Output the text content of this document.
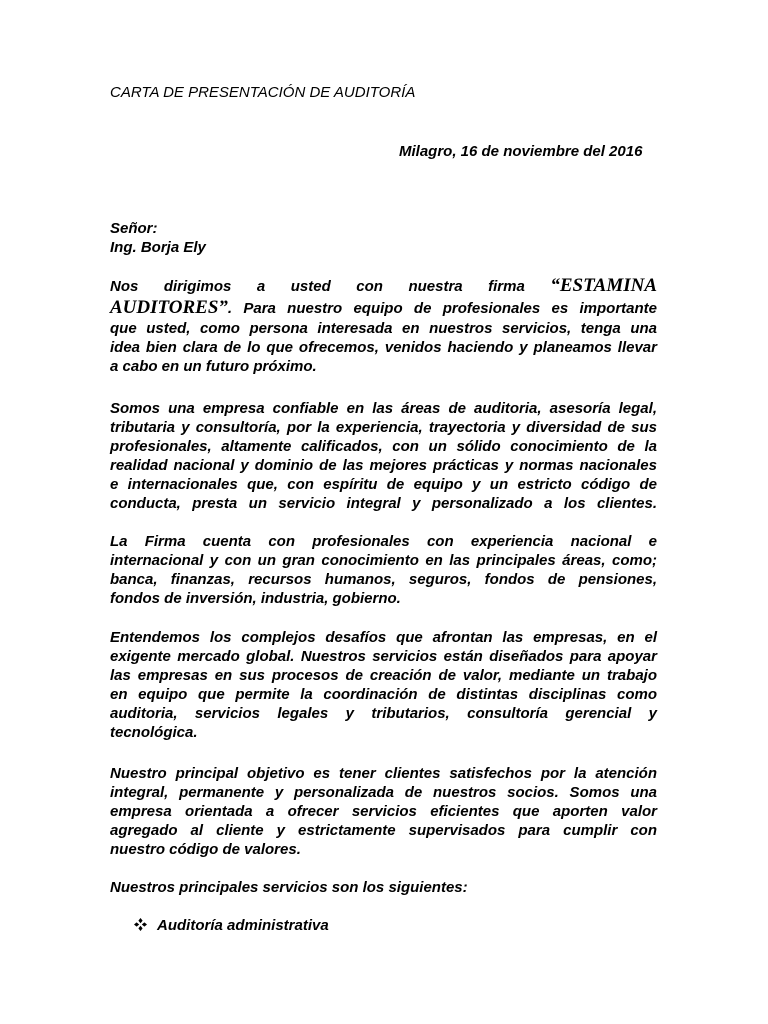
CARTA DE PRESENTACIÓN DE AUDITORÍA
Milagro, 16 de noviembre del 2016
Señor:
Ing. Borja Ely
Nos dirigimos a usted con nuestra firma “ESTAMINA
AUDITORES”. Para nuestro equipo de profesionales es importante
que usted, como persona interesada en nuestros servicios, tenga una
idea bien clara de lo que ofrecemos, venidos haciendo y planeamos llevar
a cabo en un futuro próximo.
Somos una empresa confiable en las áreas de auditoria, asesoría legal,
tributaria y consultoría, por la experiencia, trayectoria y diversidad de sus
profesionales, altamente calificados, con un sólido conocimiento de la
realidad nacional y dominio de las mejores prácticas y normas nacionales
e internacionales que, con espíritu de equipo y un estricto código de
conducta, presta un servicio integral y personalizado a los clientes.
La Firma cuenta con profesionales con experiencia nacional e
internacional y con un gran conocimiento en las principales áreas, como;
banca, finanzas, recursos humanos, seguros, fondos de pensiones,
fondos de inversión, industria, gobierno.
Entendemos los complejos desafíos que afrontan las empresas, en el
exigente mercado global. Nuestros servicios están diseñados para apoyar
las empresas en sus procesos de creación de valor, mediante un trabajo
en equipo que permite la coordinación de distintas disciplinas como
auditoria, servicios legales y tributarios, consultoría gerencial y
tecnológica.
Nuestro principal objetivo es tener clientes satisfechos por la atención
integral, permanente y personalizada de nuestros socios. Somos una
empresa orientada a ofrecer servicios eficientes que aporten valor
agregado al cliente y estrictamente supervisados para cumplir con
nuestro código de valores.
Nuestros principales servicios son los siguientes:
Auditoría administrativa
